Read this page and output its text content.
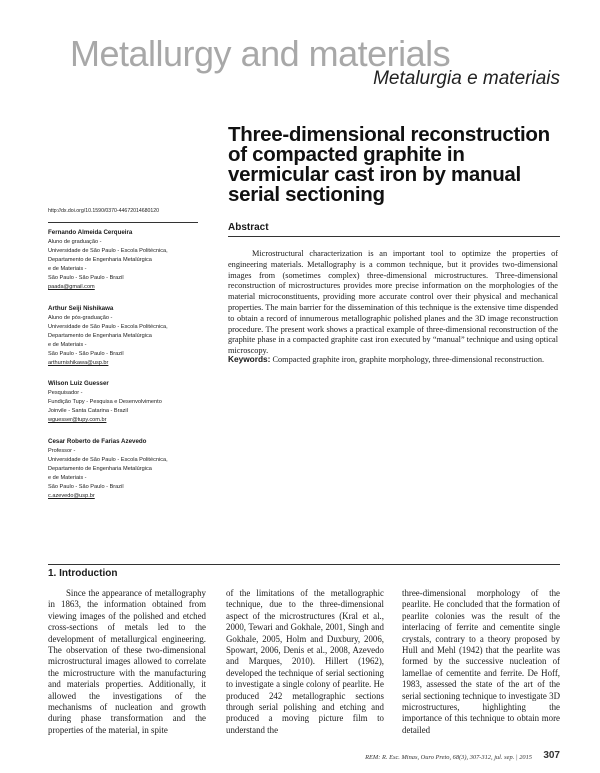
Metallurgy and materials
Metalurgia e materiais
Three-dimensional reconstruction of compacted graphite in vermicular cast iron by manual serial sectioning
http://dx.doi.org/10.1590/0370-44672014680120
Abstract
Microstructural characterization is an important tool to optimize the properties of engineering materials. Metallography is a common technique, but it provides two-dimensional images from (sometimes complex) three-dimensional microstructures. Three-dimensional reconstruction of microstructures provides more precise information on the morphologies of the material microconstituents, providing more accurate control over their physical and mechanical properties. The main barrier for the dissemination of this technique is the extensive time dispended to obtain a record of innumerous metallographic polished planes and the 3D image reconstruction procedure. The present work shows a practical example of three-dimensional reconstruction of the graphite phase in a compacted graphite cast iron executed by “manual” technique and using optical microscopy.
Keywords: Compacted graphite iron, graphite morphology, three-dimensional reconstruction.
Fernando Almeida Cerqueira
Aluno de graduação -
Universidade de São Paulo - Escola Politécnica,
Departamento de Engenharia Metalúrgica
e de Materiais -
São Paulo - São Paulo - Brazil
paada@gmail.com
Arthur Seiji Nishikawa
Aluno de pós-graduação -
Universidade de São Paulo - Escola Politécnica,
Departamento de Engenharia Metalúrgica
e de Materiais -
São Paulo - São Paulo - Brazil
arthurnishikawa@usp.br
Wilson Luiz Guesser
Pesquisador -
Fundição Tupy - Pesquisa e Desenvolvimento
Joinvile - Santa Catarina - Brazil
wguesser@tupy.com.br
Cesar Roberto de Farias Azevedo
Professor -
Universidade de São Paulo - Escola Politécnica,
Departamento de Engenharia Metalúrgica
e de Materiais -
São Paulo - São Paulo - Brazil
c.azevedo@usp.br
1. Introduction
Since the appearance of metallography in 1863, the information obtained from viewing images of the polished and etched cross-sections of metals led to the development of metallurgical engineering. The observation of these two-dimensional microstructural images allowed to correlate the microstructure with the manufacturing and materials properties. Additionally, it allowed the investigations of the mechanisms of nucleation and growth during phase transformation and the properties of the material, in spite
of the limitations of the metallographic technique, due to the three-dimensional aspect of the microstructures (Kral et al., 2000, Tewari and Gokhale, 2001, Singh and Gokhale, 2005, Holm and Duxbury, 2006, Spowart, 2006, Denis et al., 2008, Azevedo and Marques, 2010). Hillert (1962), developed the technique of serial sectioning to investigate a single colony of pearlite. He produced 242 metallographic sections through serial polishing and etching and produced a moving picture film to understand the
three-dimensional morphology of the pearlite. He concluded that the formation of pearlite colonies was the result of the interlacing of ferrite and cementite single crystals, contrary to a theory proposed by Hull and Mehl (1942) that the pearlite was formed by the successive nucleation of lamellae of cementite and ferrite. De Hoff, 1983, assessed the state of the art of the serial sectioning technique to investigate 3D microstructures, highlighting the importance of this technique to obtain more detailed
REM: R. Esc. Minas, Ouro Preto, 68(3), 307-312, jul. sep. | 2015 307
